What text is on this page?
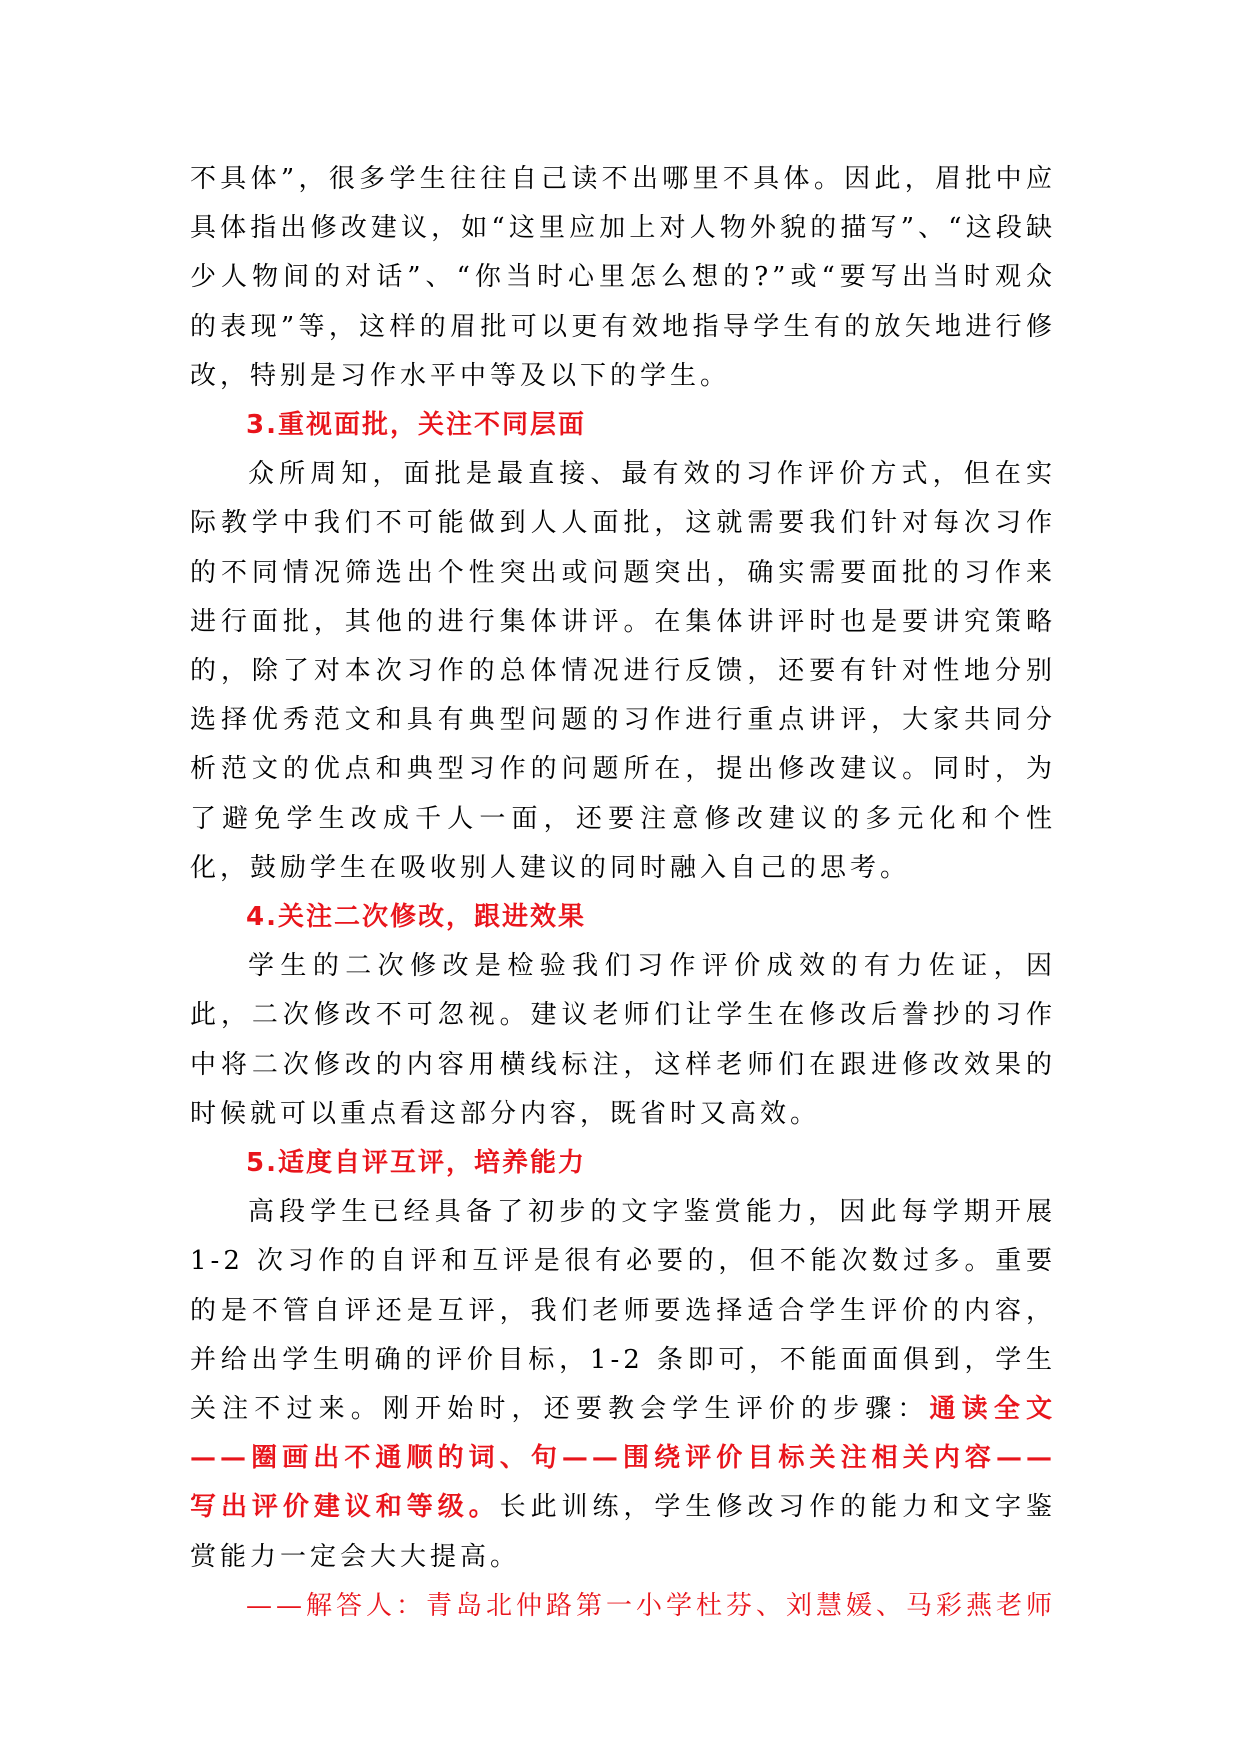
不具体”，很多学生往往自己读不出哪里不具体。因此，眉批中应具体指出修改建议，如“这里应加上对人物外貌的描写”、“这段缺少人物间的对话”、“你当时心里怎么想的?”或“要写出当时观众的表现”等，这样的眉批可以更有效地指导学生有的放矢地进行修改，特别是习作水平中等及以下的学生。

3.重视面批，关注不同层面

众所周知，面批是最直接、最有效的习作评价方式，但在实际教学中我们不可能做到人人面批，这就需要我们针对每次习作的不同情况筛选出个性突出或问题突出，确实需要面批的习作来进行面批，其他的进行集体讲评。在集体讲评时也是要讲究策略的，除了对本次习作的总体情况进行反馈，还要有针对性地分别选择优秀范文和具有典型问题的习作进行重点讲评，大家共同分析范文的优点和典型习作的问题所在，提出修改建议。同时，为了避免学生改成千人一面，还要注意修改建议的多元化和个性化，鼓励学生在吸收别人建议的同时融入自己的思考。

4.关注二次修改，跟进效果

学生的二次修改是检验我们习作评价成效的有力佐证，因此，二次修改不可忽视。建议老师们让学生在修改后誊抄的习作中将二次修改的内容用横线标注，这样老师们在跟进修改效果的时候就可以重点看这部分内容，既省时又高效。

5.适度自评互评，培养能力

高段学生已经具备了初步的文字鉴赏能力，因此每学期开展 1-2 次习作的自评和互评是很有必要的，但不能次数过多。重要的是不管自评还是互评，我们老师要选择适合学生评价的内容，并给出学生明确的评价目标，1-2 条即可，不能面面俱到，学生关注不过来。刚开始时，还要教会学生评价的步骤：通读全文——圈画出不通顺的词、句——围绕评价目标关注相关内容——写出评价建议和等级。长此训练，学生修改习作的能力和文字鉴赏能力一定会大大提高。

——解答人：青岛北仲路第一小学杜芬、刘慧媛、马彩燕老师
